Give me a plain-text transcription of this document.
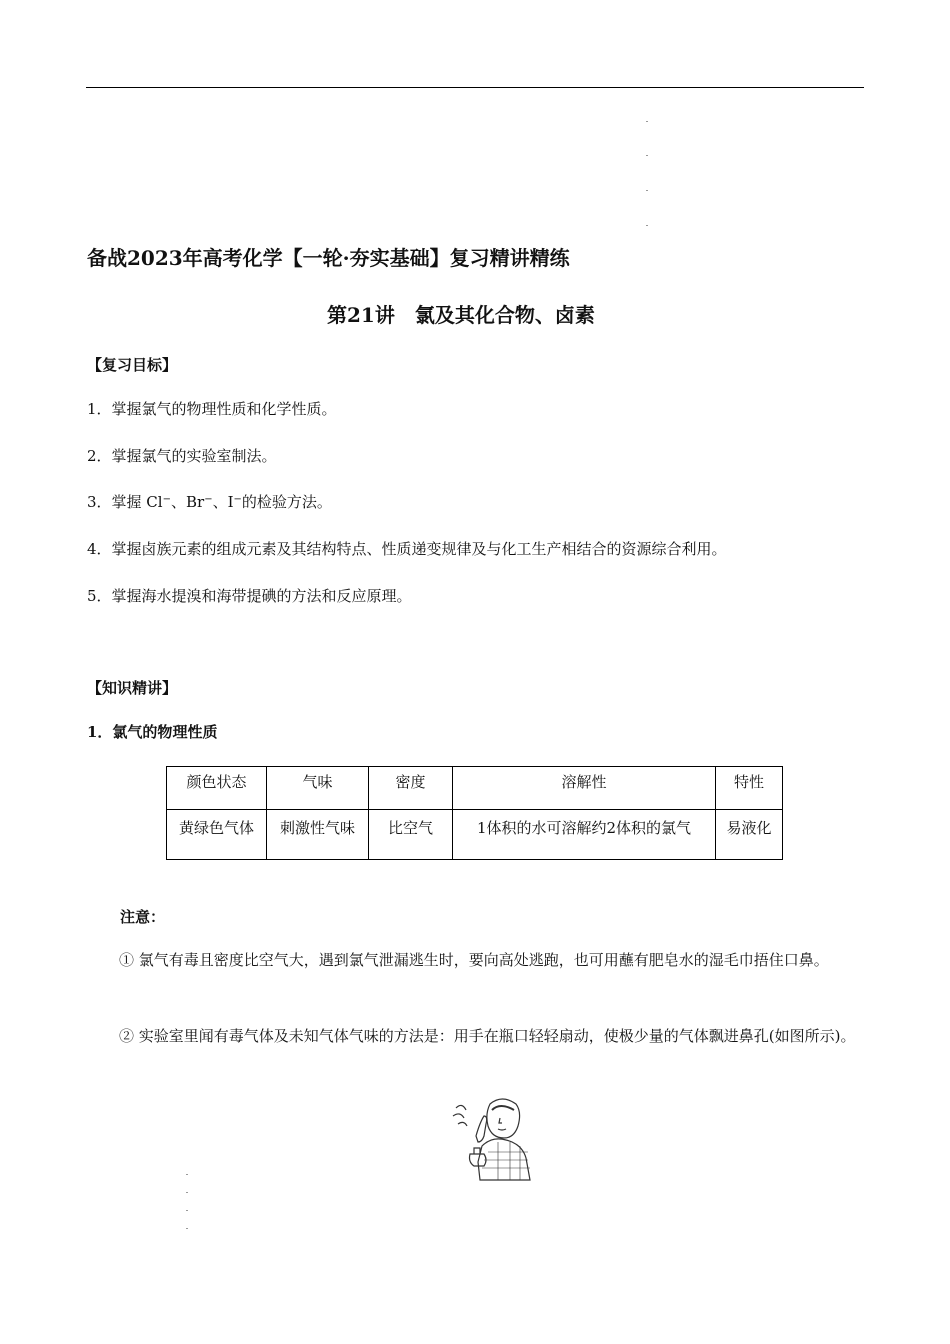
备战2023年高考化学【一轮·夯实基础】复习精讲精练
第21讲　氯及其化合物、卤素
【复习目标】
1．掌握氯气的物理性质和化学性质。
2．掌握氯气的实验室制法。
3．掌握 Cl−、Br−、I−的检验方法。
4．掌握卤族元素的组成元素及其结构特点、性质递变规律及与化工生产相结合的资源综合利用。
5．掌握海水提溴和海带提碘的方法和反应原理。
【知识精讲】
1．氯气的物理性质
颜色状态	气味	密度	溶解性	特性
黄绿色气体	刺激性气味	比空气	1体积的水可溶解约2体积的氯气	易液化
注意：
① 氯气有毒且密度比空气大，遇到氯气泄漏逃生时，要向高处逃跑，也可用蘸有肥皂水的湿毛巾捂住口鼻。
② 实验室里闻有毒气体及未知气体气味的方法是：用手在瓶口轻轻扇动，使极少量的气体飘进鼻孔(如图所示)。
